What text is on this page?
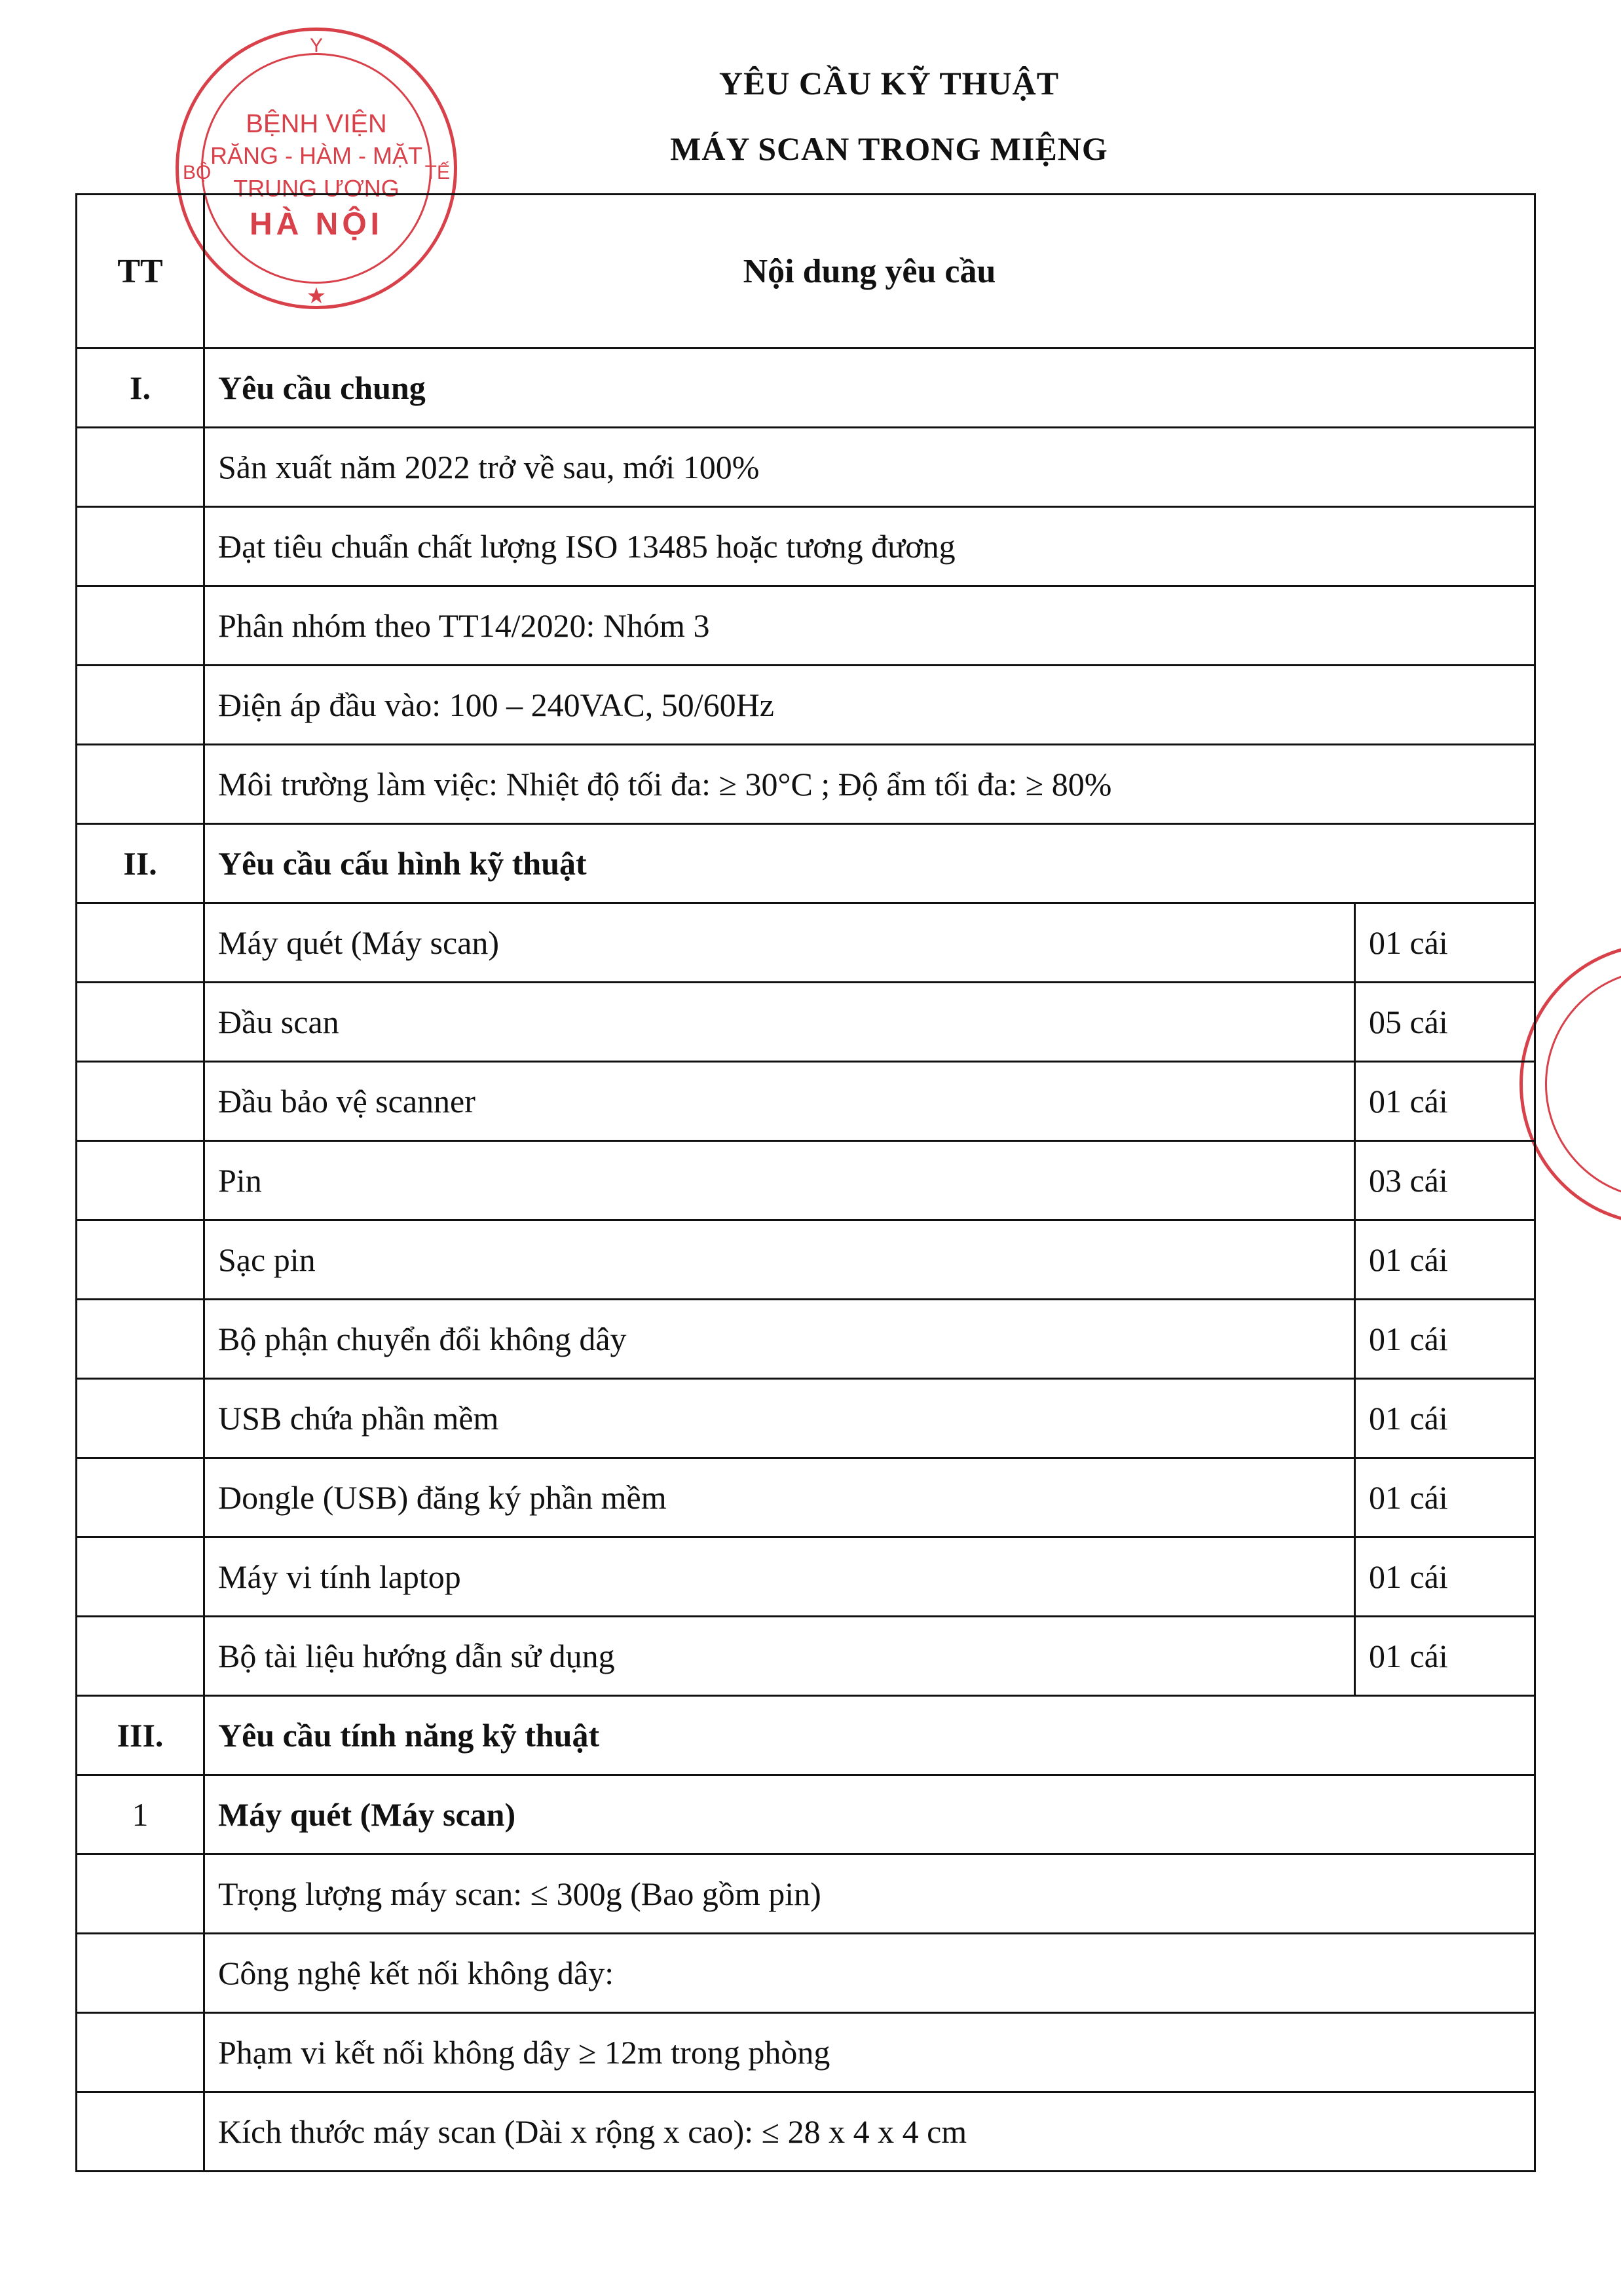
YÊU CẦU KỸ THUẬT
MÁY SCAN TRONG MIỆNG
Y
BỘ	TẾ
BỆNH VIỆN
RĂNG - HÀM - MẶT
TRUNG ƯƠNG
HÀ NỘI
★
TT	Nội dung yêu cầu	
I.	Yêu cầu chung	
	Sản xuất năm 2022 trở về sau, mới 100%	
	Đạt tiêu chuẩn chất lượng ISO 13485 hoặc tương đương	
	Phân nhóm theo TT14/2020: Nhóm 3	
	Điện áp đầu vào: 100 – 240VAC, 50/60Hz	
	Môi trường làm việc: Nhiệt độ tối đa: ≥ 30°C ; Độ ẩm tối đa: ≥ 80%	
II.	Yêu cầu cấu hình kỹ thuật	
	Máy quét (Máy scan)	01 cái
	Đầu scan	05 cái
	Đầu bảo vệ scanner	01 cái
	Pin	03 cái
	Sạc pin	01 cái
	Bộ phận chuyển đổi không dây	01 cái
	USB chứa phần mềm	01 cái
	Dongle (USB) đăng ký phần mềm	01 cái
	Máy vi tính laptop	01 cái
	Bộ tài liệu hướng dẫn sử dụng	01 cái
III.	Yêu cầu tính năng kỹ thuật	
1	Máy quét (Máy scan)	
	Trọng lượng máy scan: ≤ 300g (Bao gồm pin)	
	Công nghệ kết nối không dây:	
	Phạm vi kết nối không dây ≥ 12m trong phòng	
	Kích thước máy scan (Dài x rộng x cao): ≤ 28 x 4 x 4 cm	
